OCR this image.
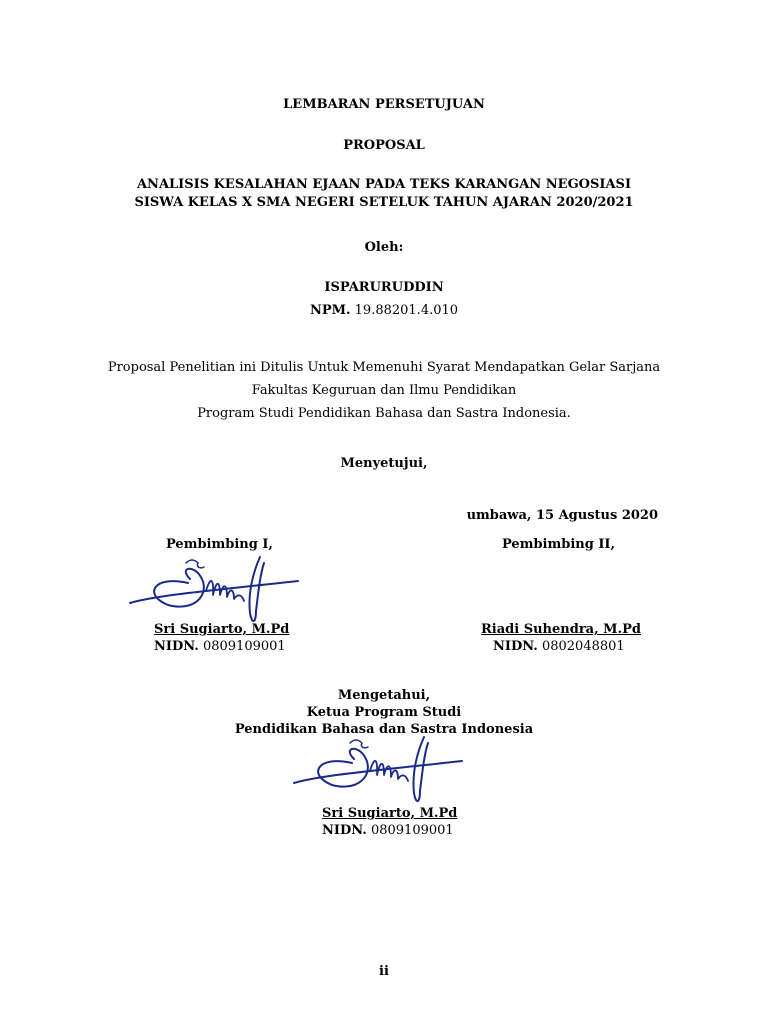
LEMBARAN PERSETUJUAN
PROPOSAL
ANALISIS KESALAHAN EJAAN PADA TEKS KARANGAN NEGOSIASI
SISWA KELAS X SMA NEGERI SETELUK TAHUN AJARAN 2020/2021
Oleh:
ISPARURUDDIN
NPM. 19.88201.4.010
Proposal Penelitian ini Ditulis Untuk Memenuhi Syarat Mendapatkan Gelar Sarjana
Fakultas Keguruan dan Ilmu Pendidikan
Program Studi Pendidikan Bahasa dan Sastra Indonesia.
Menyetujui,
umbawa, 15 Agustus 2020
Pembimbing I,	Pembimbing II,
Sri Sugiarto, M.Pd
NIDN. 0809109001
Riadi Suhendra, M.Pd
NIDN. 0802048801
Mengetahui,
Ketua Program Studi
Pendidikan Bahasa dan Sastra Indonesia
Sri Sugiarto, M.Pd
NIDN. 0809109001
ii
